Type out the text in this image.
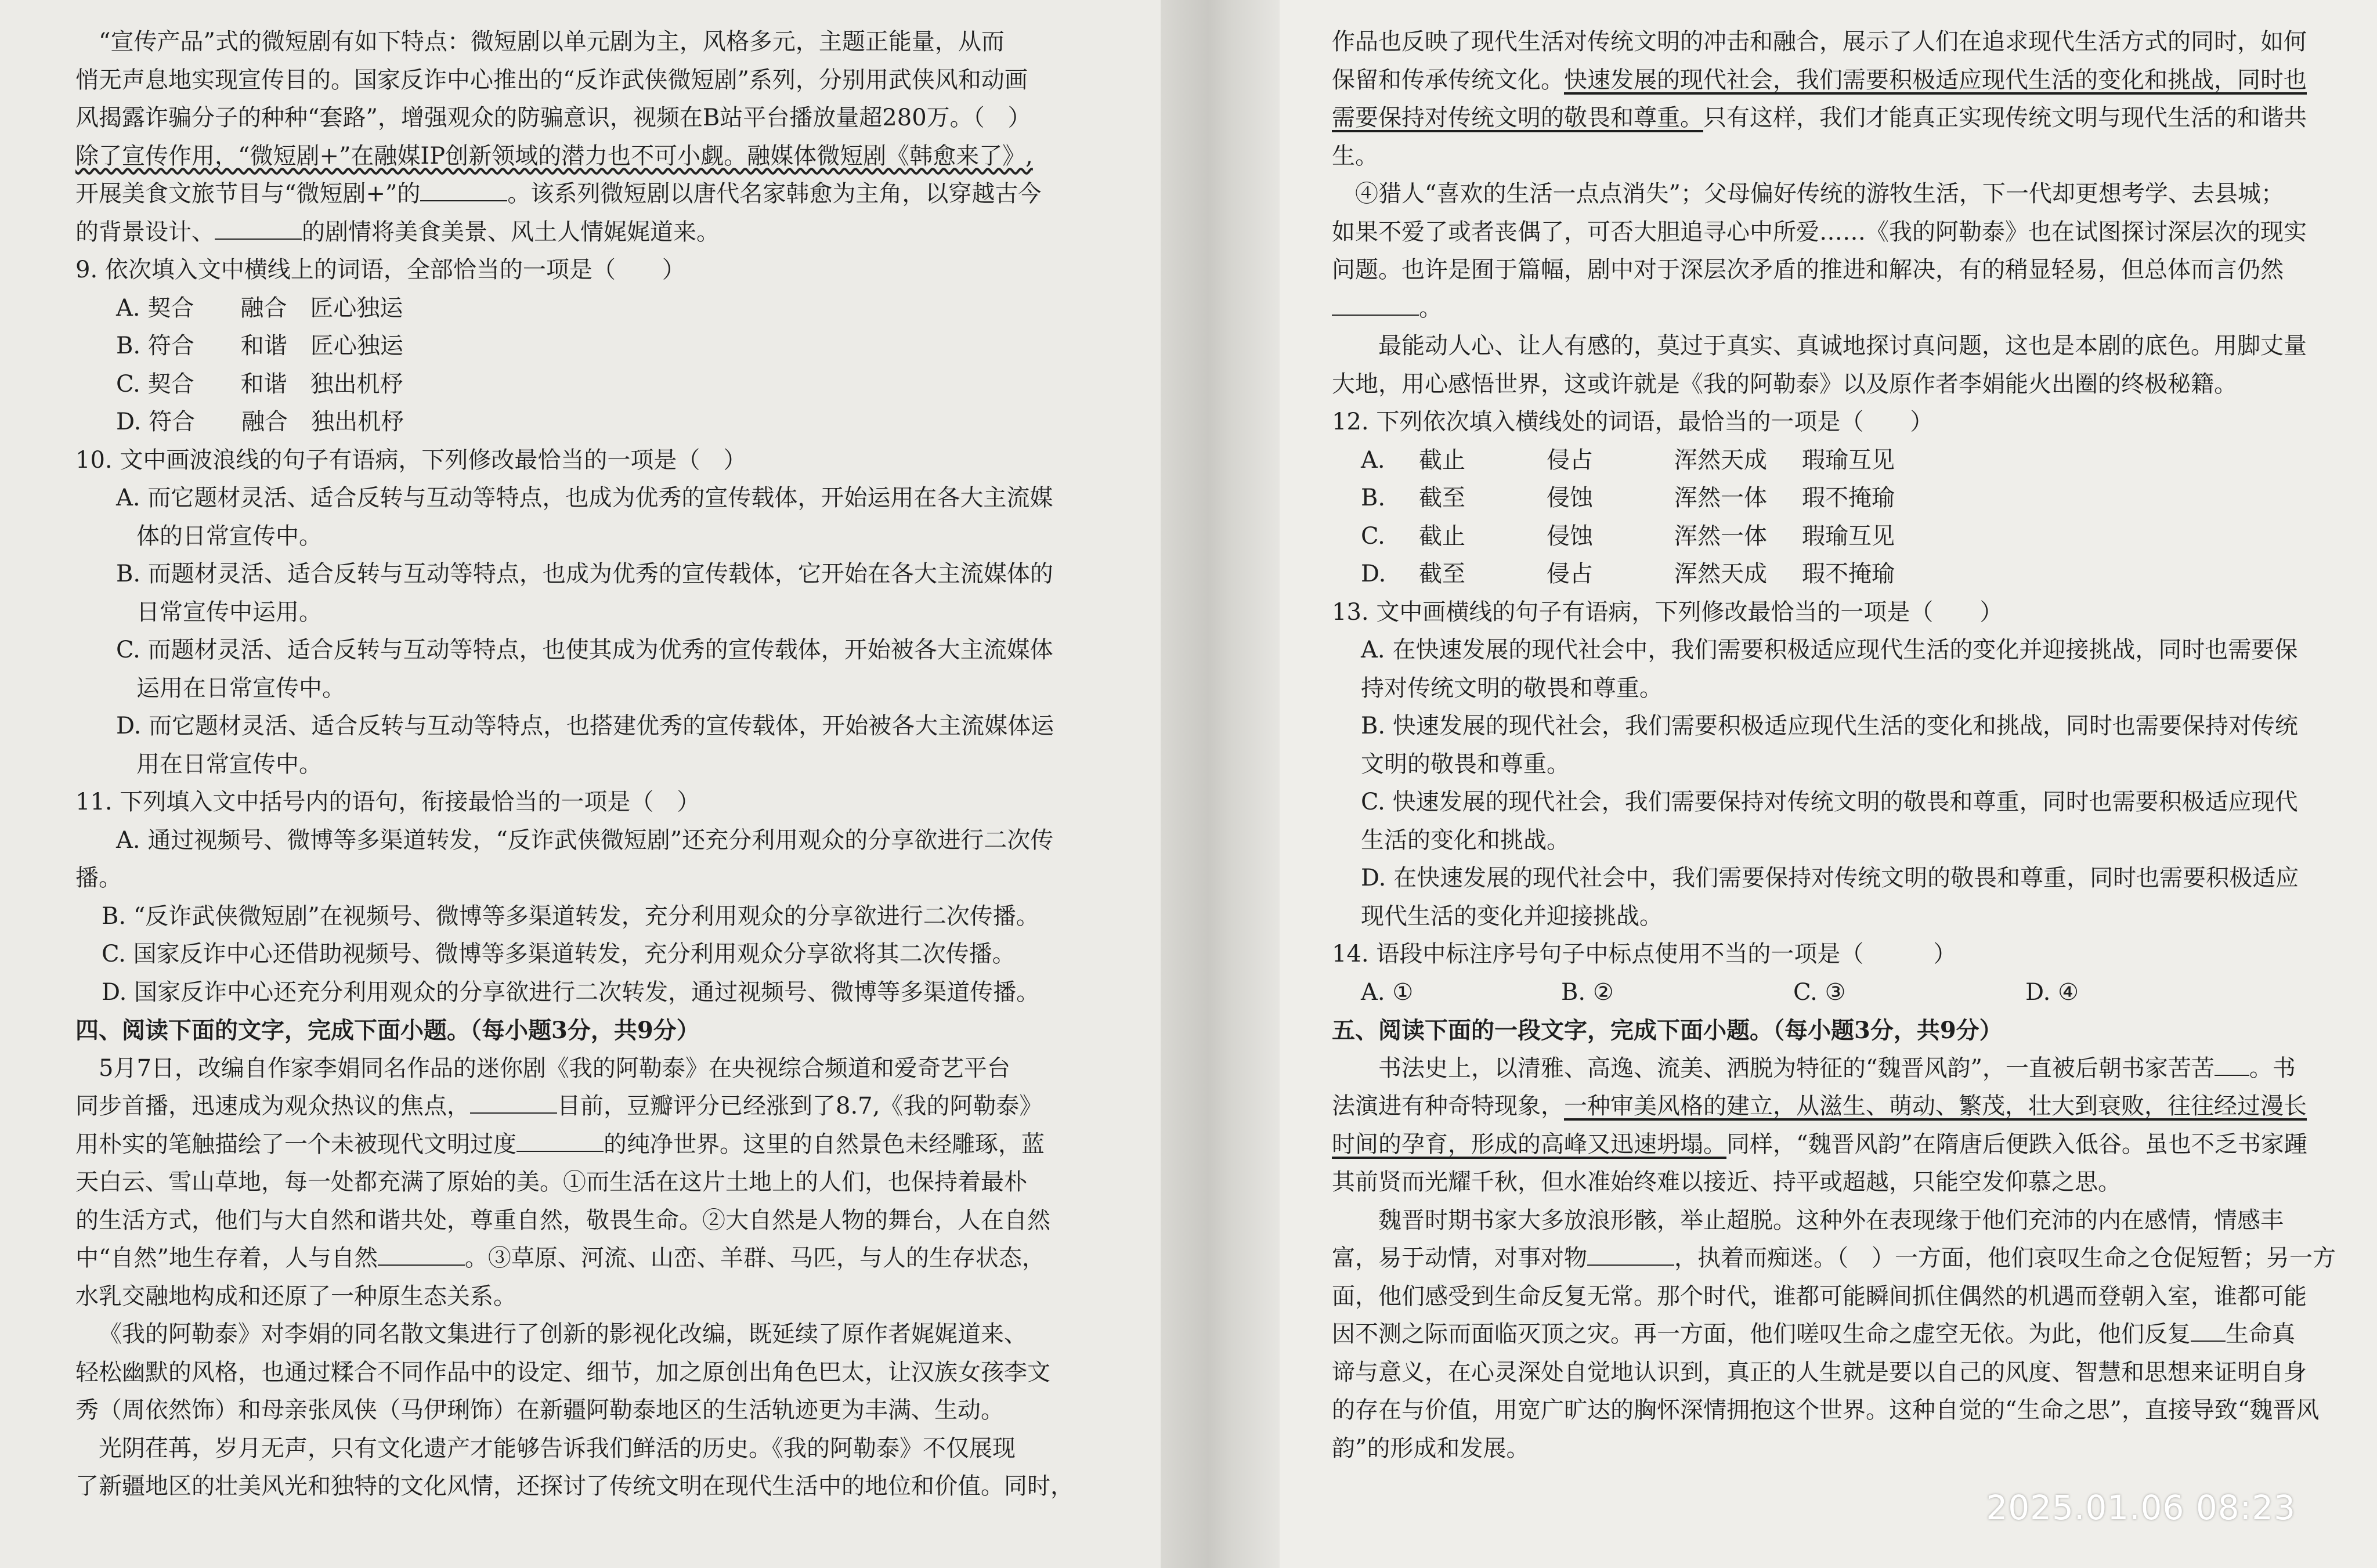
“宣传产品”式的微短剧有如下特点：微短剧以单元剧为主，风格多元，主题正能量，从而
悄无声息地实现宣传目的。国家反诈中心推出的“反诈武侠微短剧”系列，分别用武侠风和动画
风揭露诈骗分子的种种“套路”，增强观众的防骗意识，视频在B站平台播放量超280万。（　）
除了宣传作用，“微短剧+”在融媒IP创新领域的潜力也不可小觑。融媒体微短剧《韩愈来了》,
开展美食文旅节目与“微短剧+”的	。该系列微短剧以唐代名家韩愈为主角，以穿越古今
的背景设计、	的剧情将美食美景、风土人情娓娓道来。
9. 依次填入文中横线上的词语，全部恰当的一项是（　　）
A. 契合　　融合　匠心独运
B. 符合　　和谐　匠心独运
C. 契合　　和谐　独出机杼
D. 符合　　融合　独出机杼
10. 文中画波浪线的句子有语病，下列修改最恰当的一项是（　）
A. 而它题材灵活、适合反转与互动等特点，也成为优秀的宣传载体，开始运用在各大主流媒
体的日常宣传中。
B. 而题材灵活、适合反转与互动等特点，也成为优秀的宣传载体，它开始在各大主流媒体的
日常宣传中运用。
C. 而题材灵活、适合反转与互动等特点，也使其成为优秀的宣传载体，开始被各大主流媒体
运用在日常宣传中。
D. 而它题材灵活、适合反转与互动等特点，也搭建优秀的宣传载体，开始被各大主流媒体运
用在日常宣传中。
11. 下列填入文中括号内的语句，衔接最恰当的一项是（　）
A. 通过视频号、微博等多渠道转发，“反诈武侠微短剧”还充分利用观众的分享欲进行二次传
播。
B. “反诈武侠微短剧”在视频号、微博等多渠道转发，充分利用观众的分享欲进行二次传播。
C. 国家反诈中心还借助视频号、微博等多渠道转发，充分利用观众分享欲将其二次传播。
D. 国家反诈中心还充分利用观众的分享欲进行二次转发，通过视频号、微博等多渠道传播。
四、阅读下面的文字，完成下面小题。（每小题3分，共9分）
5月7日，改编自作家李娟同名作品的迷你剧《我的阿勒泰》在央视综合频道和爱奇艺平台
同步首播，迅速成为观众热议的焦点，	目前，豆瓣评分已经涨到了8.7,《我的阿勒泰》
用朴实的笔触描绘了一个未被现代文明过度	的纯净世界。这里的自然景色未经雕琢，蓝
天白云、雪山草地，每一处都充满了原始的美。①而生活在这片土地上的人们，也保持着最朴
的生活方式，他们与大自然和谐共处，尊重自然，敬畏生命。②大自然是人物的舞台，人在自然
中“自然”地生存着，人与自然	。③草原、河流、山峦、羊群、马匹，与人的生存状态，
水乳交融地构成和还原了一种原生态关系。
《我的阿勒泰》对李娟的同名散文集进行了创新的影视化改编，既延续了原作者娓娓道来、
轻松幽默的风格，也通过糅合不同作品中的设定、细节，加之原创出角色巴太，让汉族女孩李文
秀（周依然饰）和母亲张凤侠（马伊琍饰）在新疆阿勒泰地区的生活轨迹更为丰满、生动。
光阴荏苒，岁月无声，只有文化遗产才能够告诉我们鲜活的历史。《我的阿勒泰》不仅展现
了新疆地区的壮美风光和独特的文化风情，还探讨了传统文明在现代生活中的地位和价值。同时，
作品也反映了现代生活对传统文明的冲击和融合，展示了人们在追求现代生活方式的同时，如何
保留和传承传统文化。快速发展的现代社会，我们需要积极适应现代生活的变化和挑战，同时也
需要保持对传统文明的敬畏和尊重。只有这样，我们才能真正实现传统文明与现代生活的和谐共
生。
④猎人“喜欢的生活一点点消失”；父母偏好传统的游牧生活，下一代却更想考学、去县城；
如果不爱了或者丧偶了，可否大胆追寻心中所爱……《我的阿勒泰》也在试图探讨深层次的现实
问题。也许是囿于篇幅，剧中对于深层次矛盾的推进和解决，有的稍显轻易，但总体而言仍然
。
最能动人心、让人有感的，莫过于真实、真诚地探讨真问题，这也是本剧的底色。用脚丈量
大地，用心感悟世界，这或许就是《我的阿勒泰》以及原作者李娟能火出圈的终极秘籍。
12. 下列依次填入横线处的词语，最恰当的一项是（　　）
A.截止	侵占	浑然天成 瑕瑜互见
B.截至	侵蚀	浑然一体 瑕不掩瑜
C.截止	侵蚀	浑然一体 瑕瑜互见
D.截至	侵占	浑然天成 瑕不掩瑜
13. 文中画横线的句子有语病，下列修改最恰当的一项是（　　）
A. 在快速发展的现代社会中，我们需要积极适应现代生活的变化并迎接挑战，同时也需要保
持对传统文明的敬畏和尊重。
B. 快速发展的现代社会，我们需要积极适应现代生活的变化和挑战，同时也需要保持对传统
文明的敬畏和尊重。
C. 快速发展的现代社会，我们需要保持对传统文明的敬畏和尊重，同时也需要积极适应现代
生活的变化和挑战。
D. 在快速发展的现代社会中，我们需要保持对传统文明的敬畏和尊重，同时也需要积极适应
现代生活的变化并迎接挑战。
14. 语段中标注序号句子中标点使用不当的一项是（　　　）
A. ①	B. ②	C. ③	D. ④
五、阅读下面的一段文字，完成下面小题。（每小题3分，共9分）
书法史上，以清雅、高逸、流美、洒脱为特征的“魏晋风韵”，一直被后朝书家苦苦 。书
法演进有种奇特现象，一种审美风格的建立，从滋生、萌动、繁茂，壮大到衰败，往往经过漫长
时间的孕育，形成的高峰又迅速坍塌。同样，“魏晋风韵”在隋唐后便跌入低谷。虽也不乏书家踵
其前贤而光耀千秋，但水准始终难以接近、持平或超越，只能空发仰慕之思。
魏晋时期书家大多放浪形骸，举止超脱。这种外在表现缘于他们充沛的内在感情，情感丰
富，易于动情，对事对物	，执着而痴迷。（　）一方面，他们哀叹生命之仓促短暂；另一方
面，他们感受到生命反复无常。那个时代，谁都可能瞬间抓住偶然的机遇而登朝入室，谁都可能
因不测之际而面临灭顶之灾。再一方面，他们嗟叹生命之虚空无依。为此，他们反复 生命真
谛与意义，在心灵深处自觉地认识到，真正的人生就是要以自己的风度、智慧和思想来证明自身
的存在与价值，用宽广旷达的胸怀深情拥抱这个世界。这种自觉的“生命之思”，直接导致“魏晋风
韵”的形成和发展。
2025.01.06 08:23
